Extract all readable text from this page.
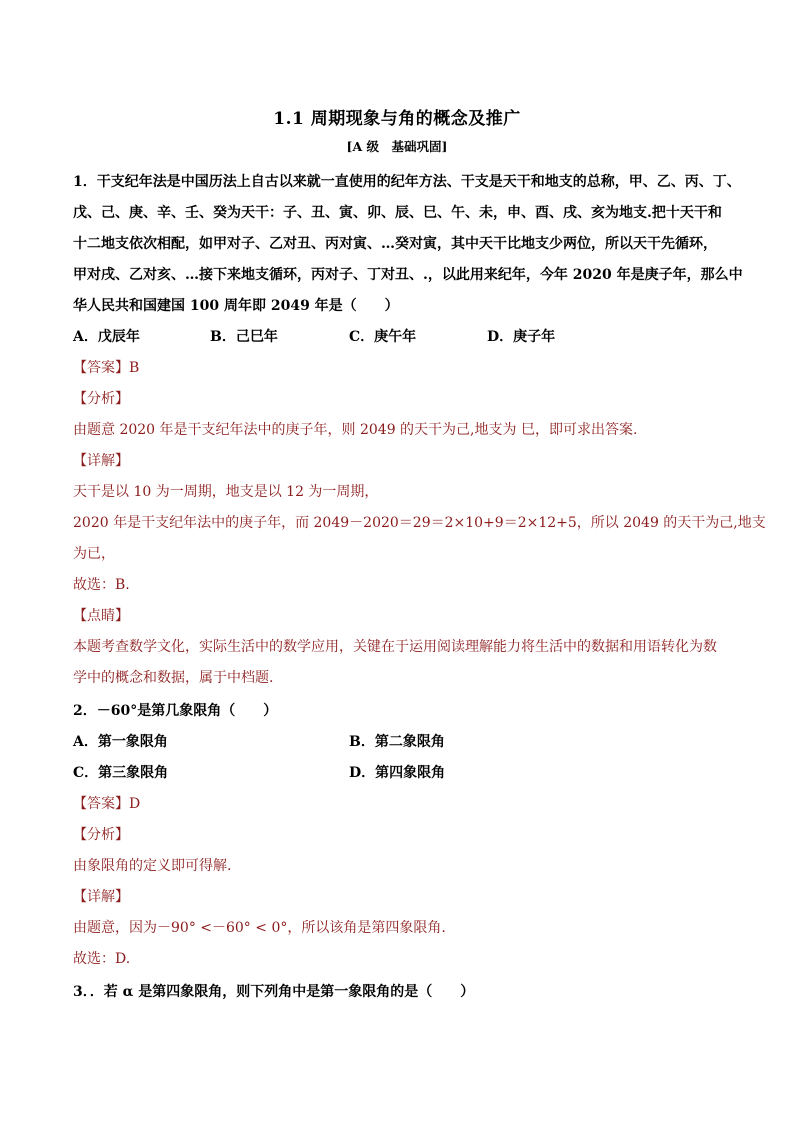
1.1 周期现象与角的概念及推广
[A 级　基础巩固]
1．干支纪年法是中国历法上自古以来就一直使用的纪年方法、干支是天干和地支的总称，甲、乙、丙、丁、
戊、己、庚、辛、壬、癸为天干：子、丑、寅、卯、辰、巳、午、未，申、酉、戌、亥为地支.把十天干和
十二地支依次相配，如甲对子、乙对丑、丙对寅、…癸对寅，其中天干比地支少两位，所以天干先循环，
甲对戌、乙对亥、…接下来地支循环，丙对子、丁对丑、.，以此用来纪年，今年 2020 年是庚子年，那么中
华人民共和国建国 100 周年即 2049 年是（　　）
A．戊辰年	B．己巳年	C．庚午年	D．庚子年
【答案】B
【分析】
由题意 2020 年是干支纪年法中的庚子年，则 2049 的天干为己,地支为 巳，即可求出答案.
【详解】
天干是以 10 为一周期，地支是以 12 为一周期，
2020 年是干支纪年法中的庚子年，而 2049－2020＝29＝2×10+9＝2×12+5，所以 2049 的天干为己,地支
为已，
故选：B.
【点睛】
本题考查数学文化，实际生活中的数学应用，关键在于运用阅读理解能力将生活中的数据和用语转化为数
学中的概念和数据，属于中档题.
2．－60°是第几象限角（　　）
A．第一象限角	B．第二象限角
C．第三象限角	D．第四象限角
【答案】D
【分析】
由象限角的定义即可得解.
【详解】
由题意，因为－90° <－60° < 0°，所以该角是第四象限角.
故选：D.
3．．若 α 是第四象限角，则下列角中是第一象限角的是（　　）
